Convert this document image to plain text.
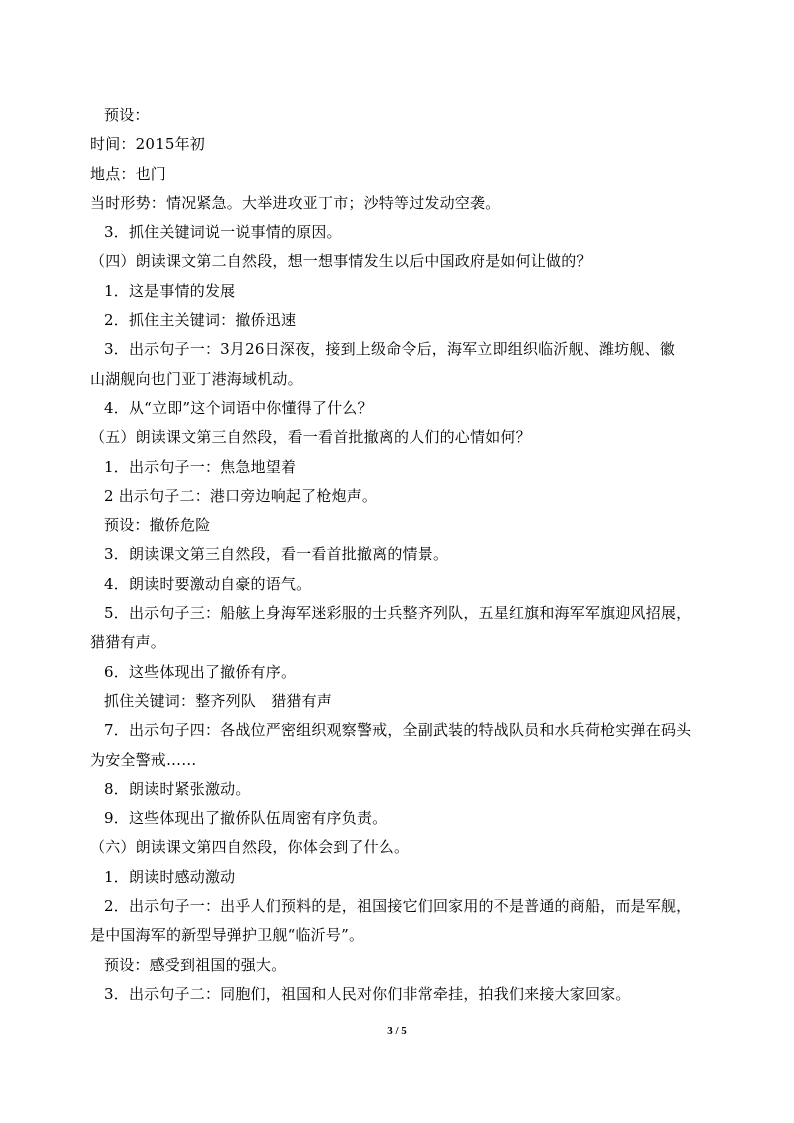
预设：
时间：2015年初
地点：也门
当时形势：情况紧急。大举进攻亚丁市；沙特等过发动空袭。
3．抓住关键词说一说事情的原因。
（四）朗读课文第二自然段，想一想事情发生以后中国政府是如何让做的？
1．这是事情的发展
2．抓住主关键词：撤侨迅速
3．出示句子一：3月26日深夜，接到上级命令后，海军立即组织临沂舰、潍坊舰、徽
山湖舰向也门亚丁港海域机动。
4．从“立即”这个词语中你懂得了什么？
（五）朗读课文第三自然段，看一看首批撤离的人们的心情如何？
1．出示句子一：焦急地望着
2 出示句子二：港口旁边响起了枪炮声。
预设：撤侨危险
3．朗读课文第三自然段，看一看首批撤离的情景。
4．朗读时要激动自豪的语气。
5．出示句子三：船舷上身海军迷彩服的士兵整齐列队，五星红旗和海军军旗迎风招展，
猎猎有声。
6．这些体现出了撤侨有序。
抓住关键词：整齐列队　猎猎有声
7．出示句子四：各战位严密组织观察警戒，全副武装的特战队员和水兵荷枪实弹在码头
为安全警戒……
8．朗读时紧张激动。
9．这些体现出了撤侨队伍周密有序负责。
（六）朗读课文第四自然段，你体会到了什么。
1．朗读时感动激动
2．出示句子一：出乎人们预料的是，祖国接它们回家用的不是普通的商船，而是军舰，
是中国海军的新型导弹护卫舰“临沂号”。
预设：感受到祖国的强大。
3．出示句子二：同胞们，祖国和人民对你们非常牵挂，拍我们来接大家回家。
3 / 5
